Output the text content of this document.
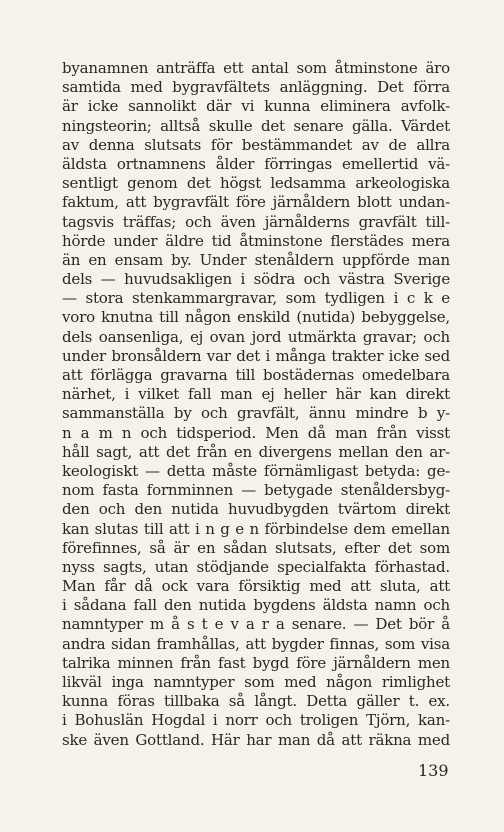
byanamnen anträffa ett antal som åtminstone äro
samtida med bygravfältets anläggning. Det förra
är icke sannolikt där vi kunna eliminera avfolk-
ningsteorin; alltså skulle det senare gälla. Värdet
av denna slutsats för bestämmandet av de allra
äldsta ortnamnens ålder förringas emellertid vä-
sentligt genom det högst ledsamma arkeologiska
faktum, att bygravfält före järnåldern blott undan-
tagsvis träffas; och även järnålderns gravfält till-
hörde under äldre tid åtminstone flerstädes mera
än en ensam by. Under stenåldern uppförde man
dels — huvudsakligen i södra och västra Sverige
— stora stenkammargravar, som tydligen i c k e
voro knutna till någon enskild (nutida) bebyggelse,
dels oansenliga, ej ovan jord utmärkta gravar; och
under bronsåldern var det i många trakter icke sed
att förlägga gravarna till bostädernas omedelbara
närhet, i vilket fall man ej heller här kan direkt
sammanställa by och gravfält, ännu mindre b y-
n a m n och tidsperiod. Men då man från visst
håll sagt, att det från en divergens mellan den ar-
keologiskt — detta måste förnämligast betyda: ge-
nom fasta fornminnen — betygade stenåldersbyg-
den och den nutida huvudbygden tvärtom direkt
kan slutas till att i n g e n förbindelse dem emellan
förefinnes, så är en sådan slutsats, efter det som
nyss sagts, utan stödjande specialfakta förhastad.
Man får då ock vara försiktig med att sluta, att
i sådana fall den nutida bygdens äldsta namn och
namntyper m å s t e v a r a senare. — Det bör å
andra sidan framhållas, att bygder finnas, som visa
talrika minnen från fast bygd före järnåldern men
likväl inga namntyper som med någon rimlighet
kunna föras tillbaka så långt. Detta gäller t. ex.
i Bohuslän Hogdal i norr och troligen Tjörn, kan-
ske även Gottland. Här har man då att räkna med
139
